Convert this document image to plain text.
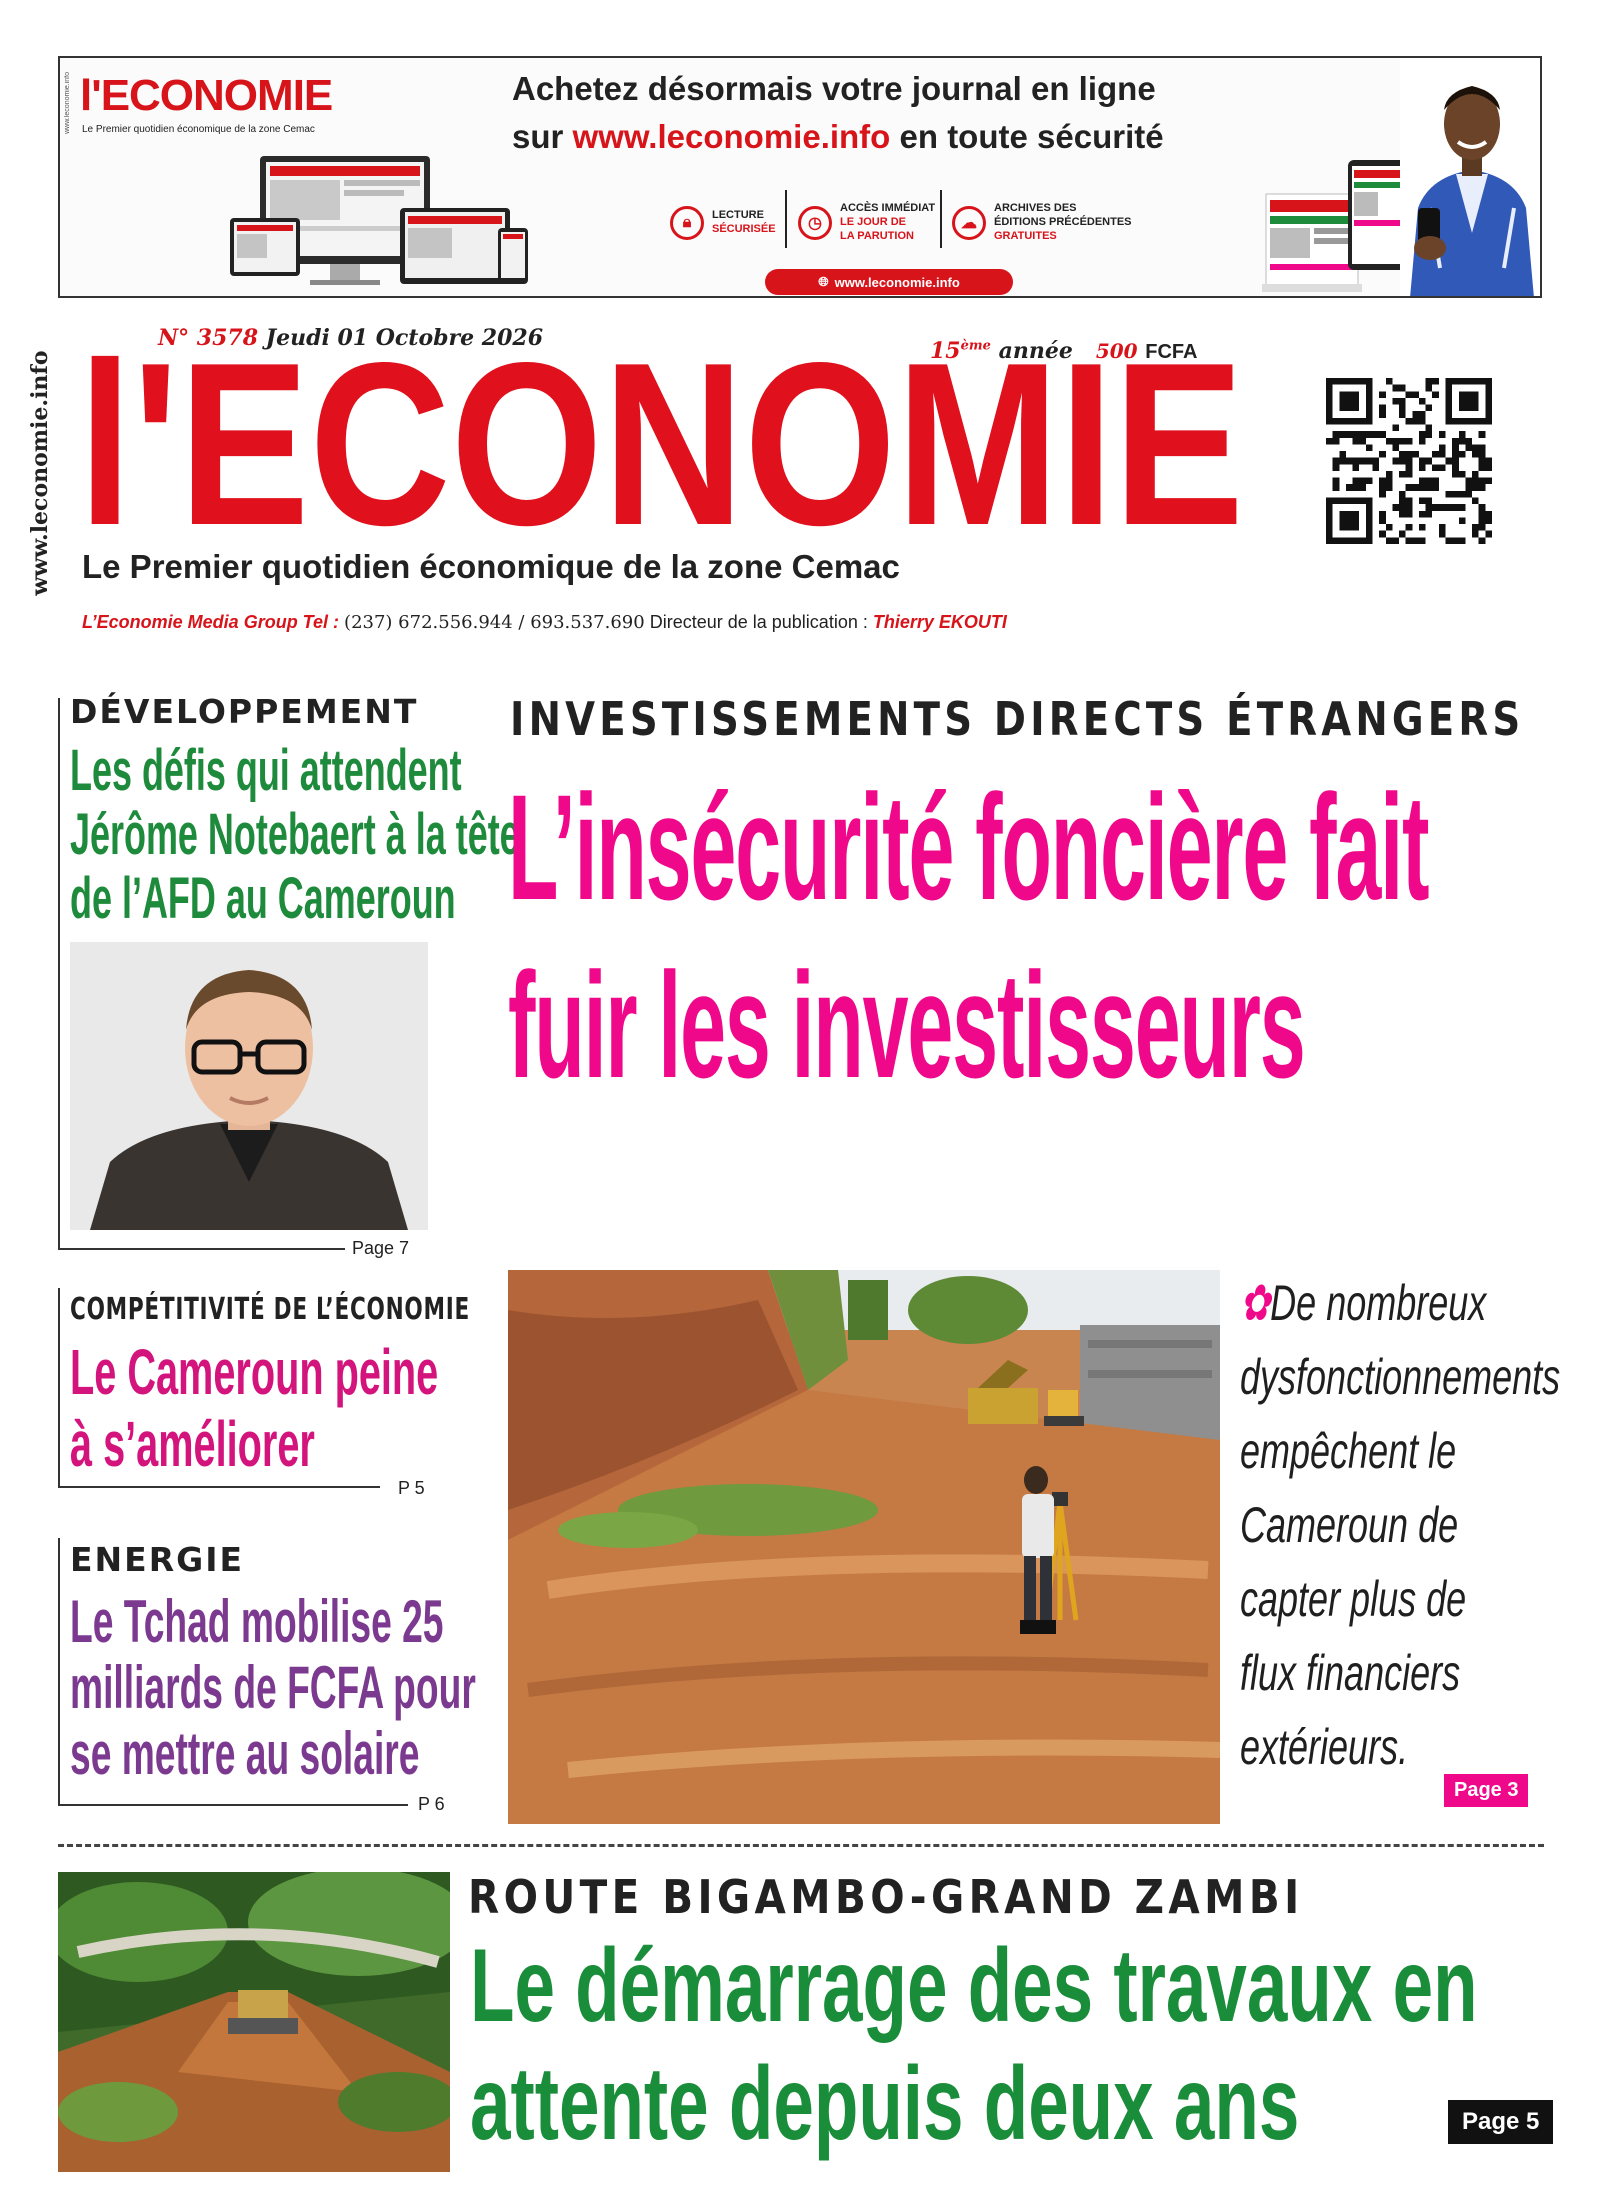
www.leconomie.info l'ECONOMIE
Le Premier quotidien économique de la zone Cemac
Achetez désormais votre journal en ligne
sur www.leconomie.info en toute sécurité
🔒︎	LECTURE
SÉCURISÉE	◷
ACCÈS IMMÉDIAT
LE JOUR DE
LA PARUTION
☁
ARCHIVES DES
ÉDITIONS PRÉCÉDENTES
GRATUITES
🌐︎ www.leconomie.info
www.leconomie.info
N° 3578 Jeudi 01 Octobre 2026	15ème année 500 FCFA
l'ECONOMIE
Le Premier quotidien économique de la zone Cemac
L’Economie Media Group Tel : (237) 672.556.944 / 693.537.690 Directeur de la publication : Thierry EKOUTI
DÉVELOPPEMENT
Les défis qui attendent
Jérôme Notebaert à la tête
de l’AFD au Cameroun
Page 7
COMPÉTITIVITÉ DE L’ÉCONOMIE
Le Cameroun peine
à s’améliorer
P 5
ENERGIE
Le Tchad mobilise 25
milliards de FCFA pour
se mettre au solaire
P 6
INVESTISSEMENTS DIRECTS ÉTRANGERS
L’insécurité foncière fait
fuir les investisseurs
✿De nombreux
dysfonctionnements
empêchent le
Cameroun de
capter plus de
flux financiers
extérieurs.
Page 3
ROUTE BIGAMBO-GRAND ZAMBI
Le démarrage des travaux en
attente depuis deux ans	Page 5
